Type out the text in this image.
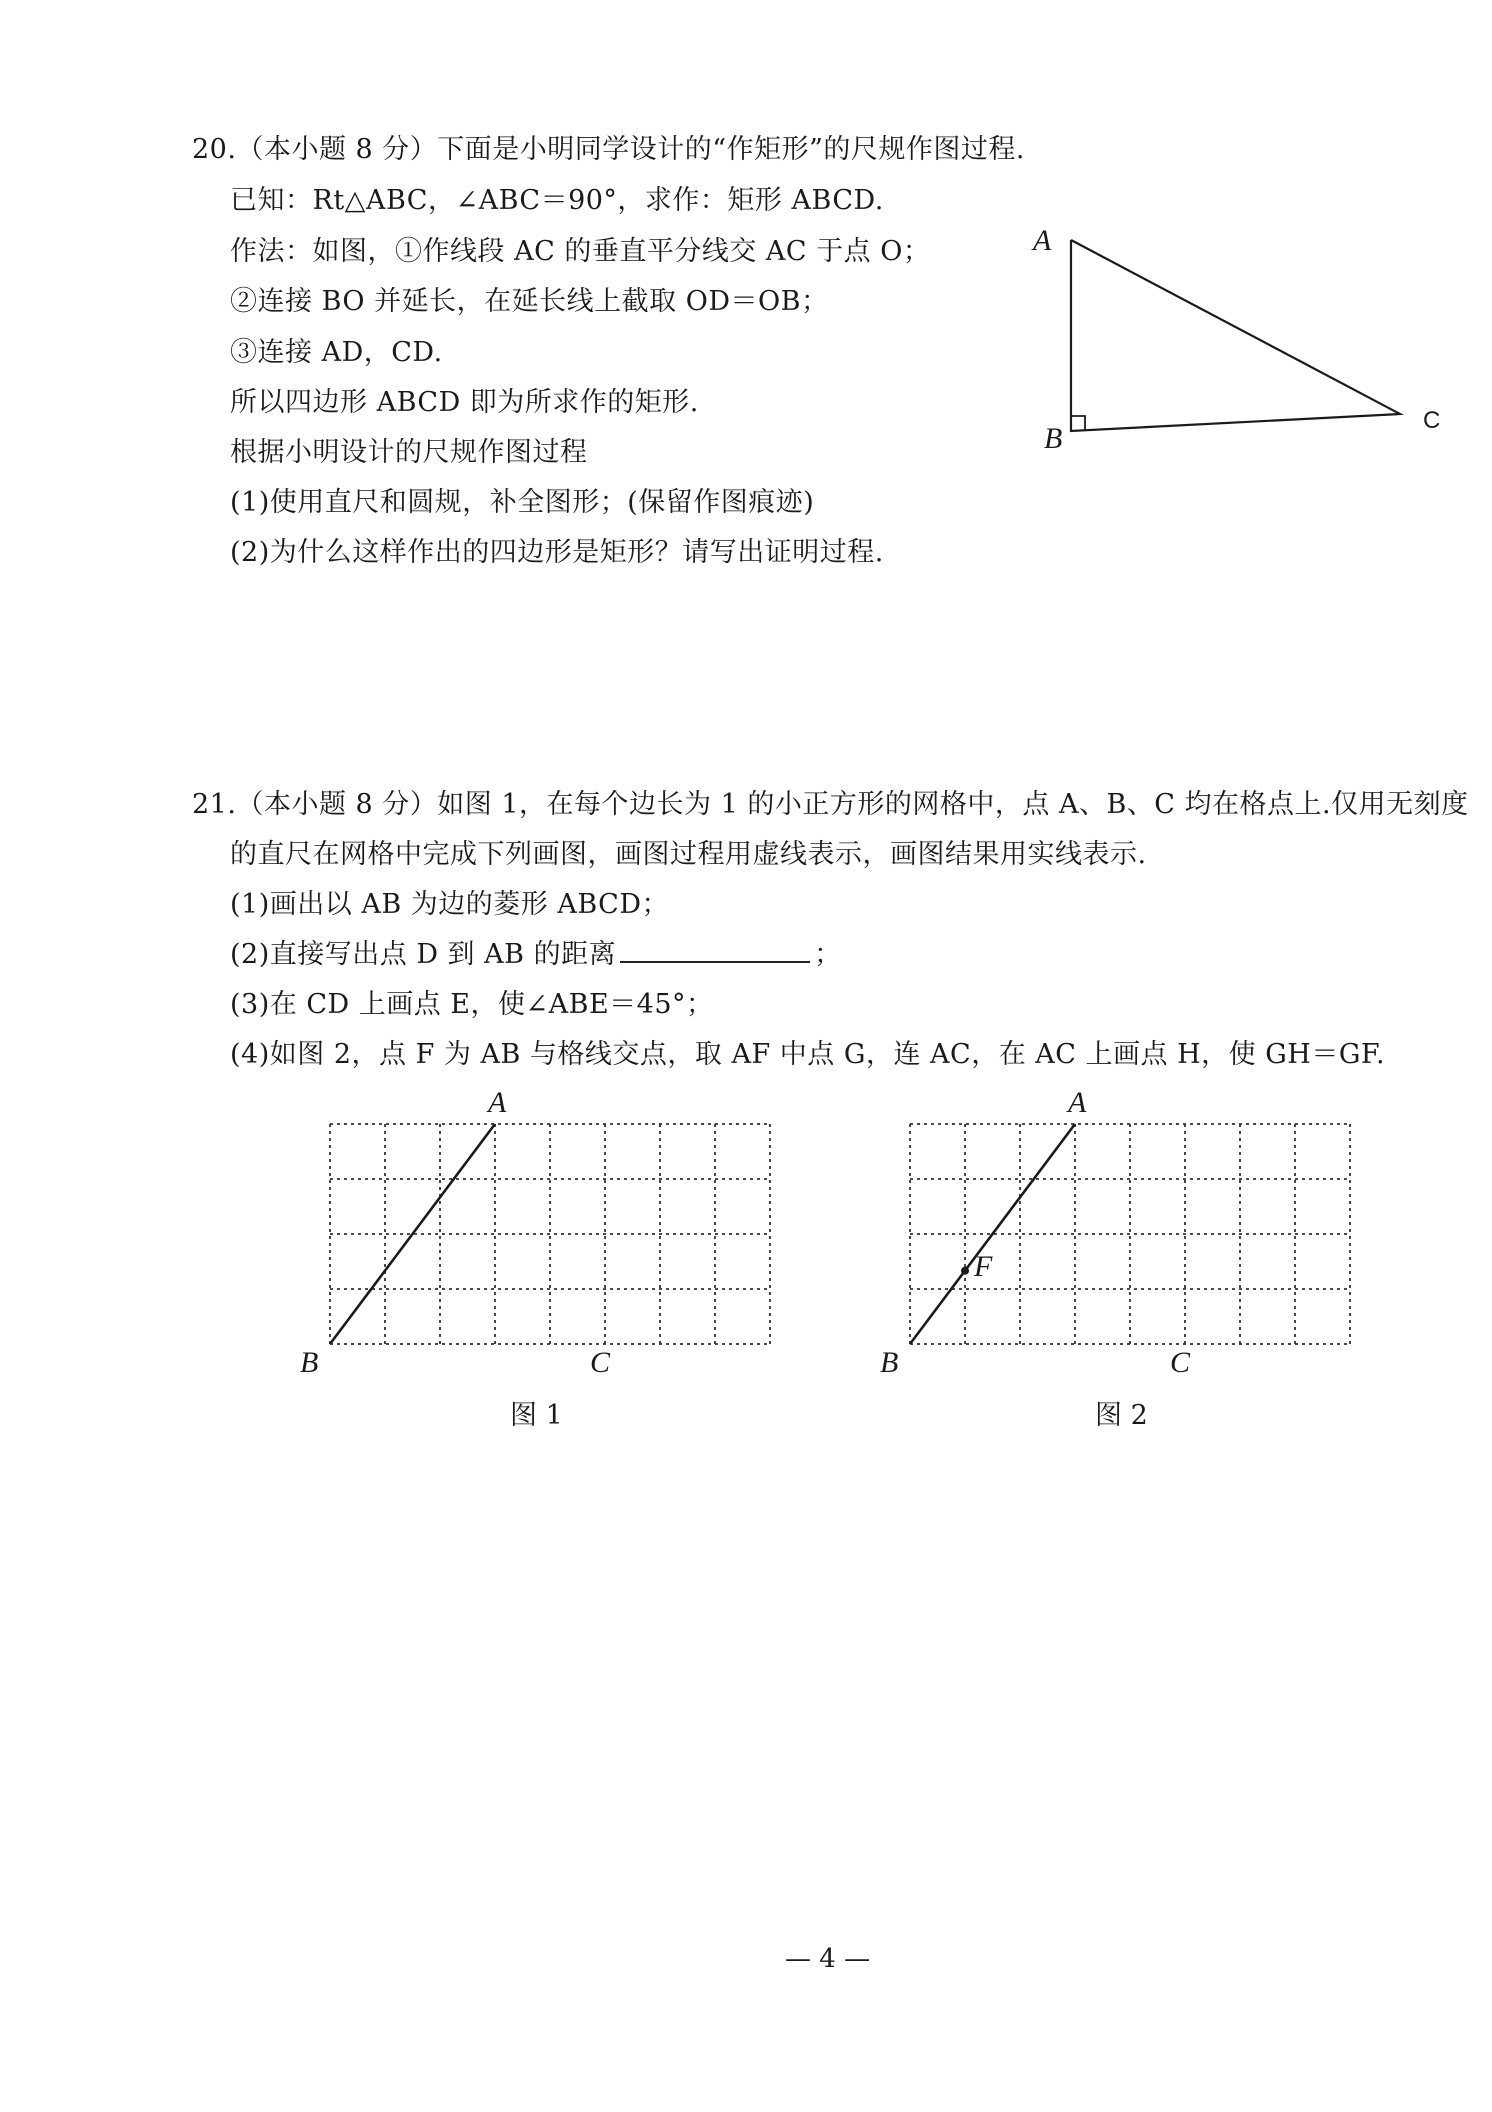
20.（本小题 8 分）下面是小明同学设计的“作矩形”的尺规作图过程.
已知：Rt△ABC，∠ABC＝90°，求作：矩形 ABCD.
作法：如图，①作线段 AC 的垂直平分线交 AC 于点 O；
②连接 BO 并延长，在延长线上截取 OD＝OB；
③连接 AD，CD.
所以四边形 ABCD 即为所求作的矩形.
根据小明设计的尺规作图过程
(1)使用直尺和圆规，补全图形；(保留作图痕迹)
(2)为什么这样作出的四边形是矩形？请写出证明过程.
A
B
C
21.（本小题 8 分）如图 1，在每个边长为 1 的小正方形的网格中，点 A、B、C 均在格点上.仅用无刻度
的直尺在网格中完成下列画图，画图过程用虚线表示，画图结果用实线表示.
(1)画出以 AB 为边的菱形 ABCD；
(2)直接写出点 D 到 AB 的距离	；
(3)在 CD 上画点 E，使∠ABE＝45°；
(4)如图 2，点 F 为 AB 与格线交点，取 AF 中点 G，连 AC，在 AC 上画点 H，使 GH＝GF.
A
B	C
图 1
F
A
B	C
图 2
— 4 —
